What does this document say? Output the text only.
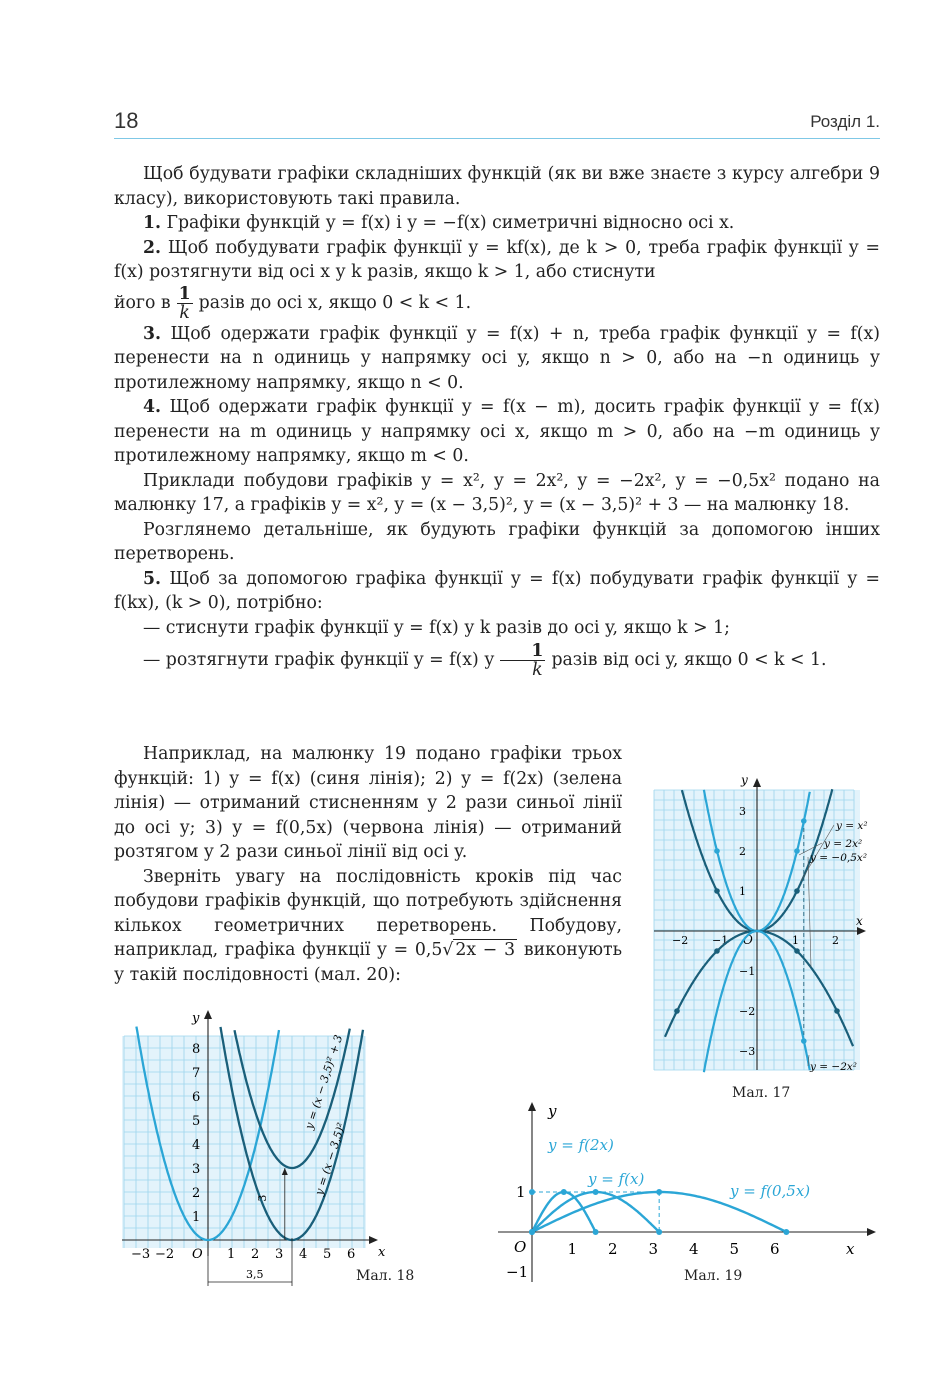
18	Розділ 1.

Щоб будувати графіки складніших функцій (як ви вже знаєте з курсу алгебри 9 класу), використовують такі правила.

1. Графіки функцій y = f(x) і y = −f(x) симетричні відносно осі x.

2. Щоб побудувати графік функції y = kf(x), де k > 0, треба графік функції y = f(x) розтягнути від осі x у k разів, якщо k > 1, або стиснути

його в $\frac{1}{k}$ разів до осі x, якщо 0 < k < 1.

3. Щоб одержати графік функції y = f(x) + n, треба графік функції y = f(x) перенести на n одиниць у напрямку осі y, якщо n > 0, або на −n одиниць у протилежному напрямку, якщо n < 0.

4. Щоб одержати графік функції y = f(x − m), досить графік функції y = f(x) перенести на m одиниць у напрямку осі x, якщо m > 0, або на −m одиниць у протилежному напрямку, якщо m < 0.

Приклади побудови графіків y = x², y = 2x², y = −2x², y = −0,5x² подано на малюнку 17, а графіків y = x², y = (x − 3,5)², y = (x − 3,5)² + 3 — на малюнку 18.

Розглянемо детальніше, як будують графіки функцій за допомогою інших перетворень.

5. Щоб за допомогою графіка функції y = f(x) побудувати графік функції y = f(kx), (k > 0), потрібно:

— стиснути графік функції y = f(x) у k разів до осі y, якщо k > 1;

— розтягнути графік функції y = f(x) у $\frac{1}{k}$ разів від осі y, якщо 0 < k < 1.

Наприклад, на малюнку 19 подано графіки трьох функцій: 1) y = f(x) (синя лінія); 2) y = f(2x) (зелена лінія) — отриманий стисненням у 2 рази синьої лінії до осі y; 3) y = f(0,5x) (червона лінія) — отриманий розтягом у 2 рази синьої лінії від осі y.

Зверніть увагу на послідовність кроків під час побудови графіків функцій, що потребують здійснення кількох геометричних перетворень. Побудову, наприклад, графіка функції y = 0,5√ 2x − 3 виконують у такій послідовності (мал. 20):

y
x
O
−2 −1	1	2
3
2
1
−1
−2
−3
y = x²
y = 2x²
y = −0,5x²
y = −2x²
Мал. 17
y
x
O
−3 −2	1 2 3 4 5 6
1
2
3
4
5
6
7
8
y = (x − 3,5)²
y = (x − 3,5)² + 3
3,5
3
Мал. 18
y
x
O	1 2 3 4 5 6
1
−1
y = f(2x)
y = f(x)
y = f(0,5x)
Мал. 19
